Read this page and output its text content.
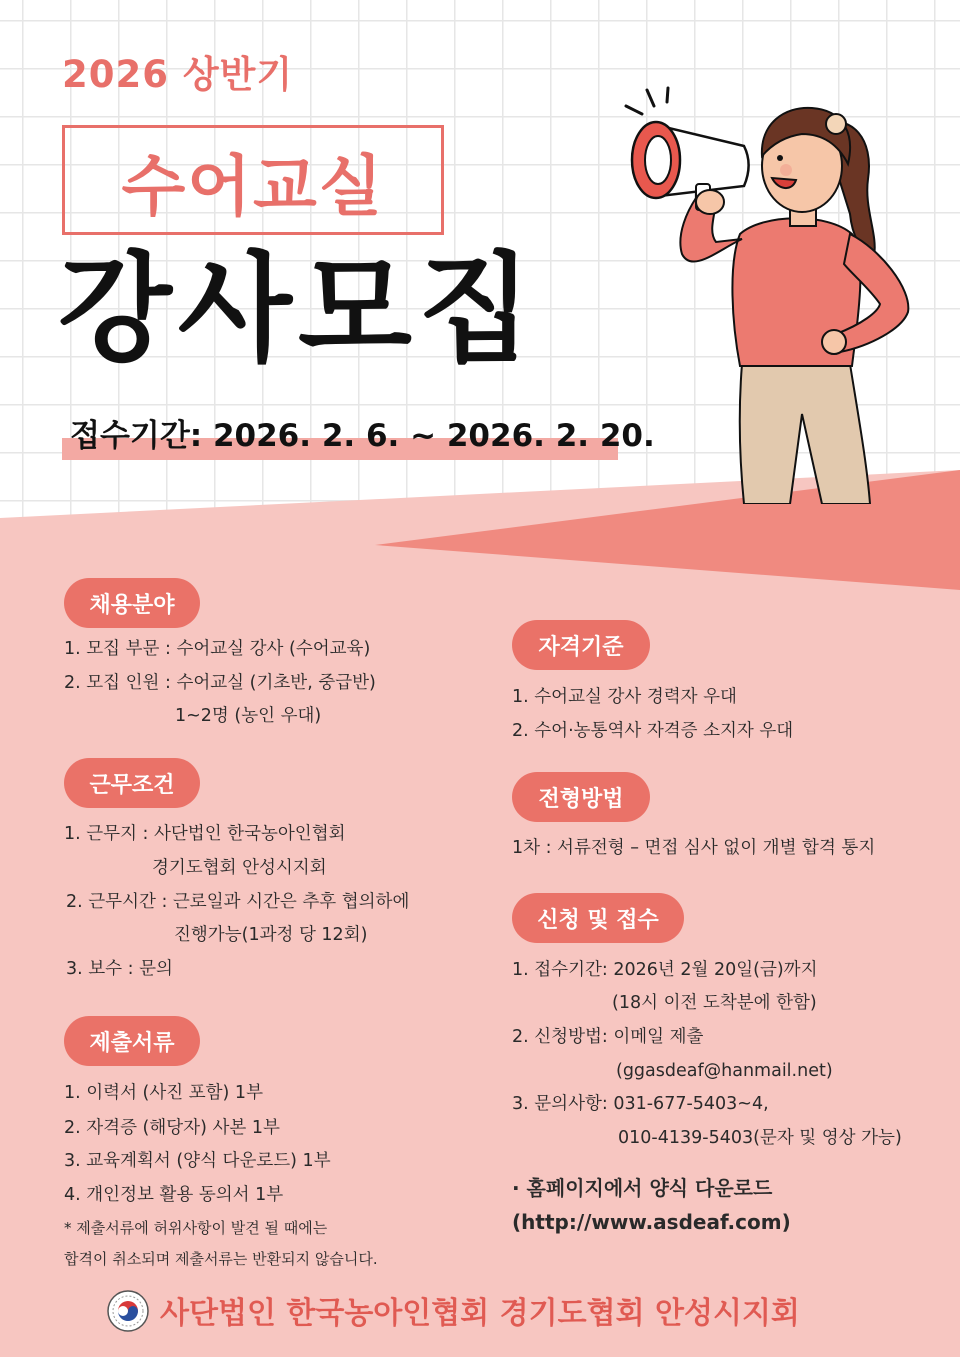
2026 상반기
수어교실
강사모집
접수기간: 2026. 2. 6. ~ 2026. 2. 20.
채용분야
1. 모집 부문 : 수어교실 강사 (수어교육)
2. 모집 인원 : 수어교실 (기초반, 중급반)
1~2명 (농인 우대)
근무조건
1. 근무지 : 사단법인 한국농아인협회
경기도협회 안성시지회
2. 근무시간 : 근로일과 시간은 추후 협의하에
진행가능(1과정 당 12회)
3. 보수 : 문의
제출서류
1. 이력서 (사진 포함) 1부
2. 자격증 (해당자) 사본 1부
3. 교육계획서 (양식 다운로드) 1부
4. 개인정보 활용 동의서 1부
* 제출서류에 허위사항이 발견 될 때에는
합격이 취소되며 제출서류는 반환되지 않습니다.
자격기준
1. 수어교실 강사 경력자 우대
2. 수어·농통역사 자격증 소지자 우대
전형방법
1차 : 서류전형 – 면접 심사 없이 개별 합격 통지
신청 및 접수
1. 접수기간: 2026년 2월 20일(금)까지
(18시 이전 도착분에 한함)
2. 신청방법: 이메일 제출
(ggasdeaf@hanmail.net)
3. 문의사항: 031-677-5403~4,
010-4139-5403(문자 및 영상 가능)
· 홈페이지에서 양식 다운로드
(http://www.asdeaf.com)
사단법인 한국농아인협회 경기도협회 안성시지회
